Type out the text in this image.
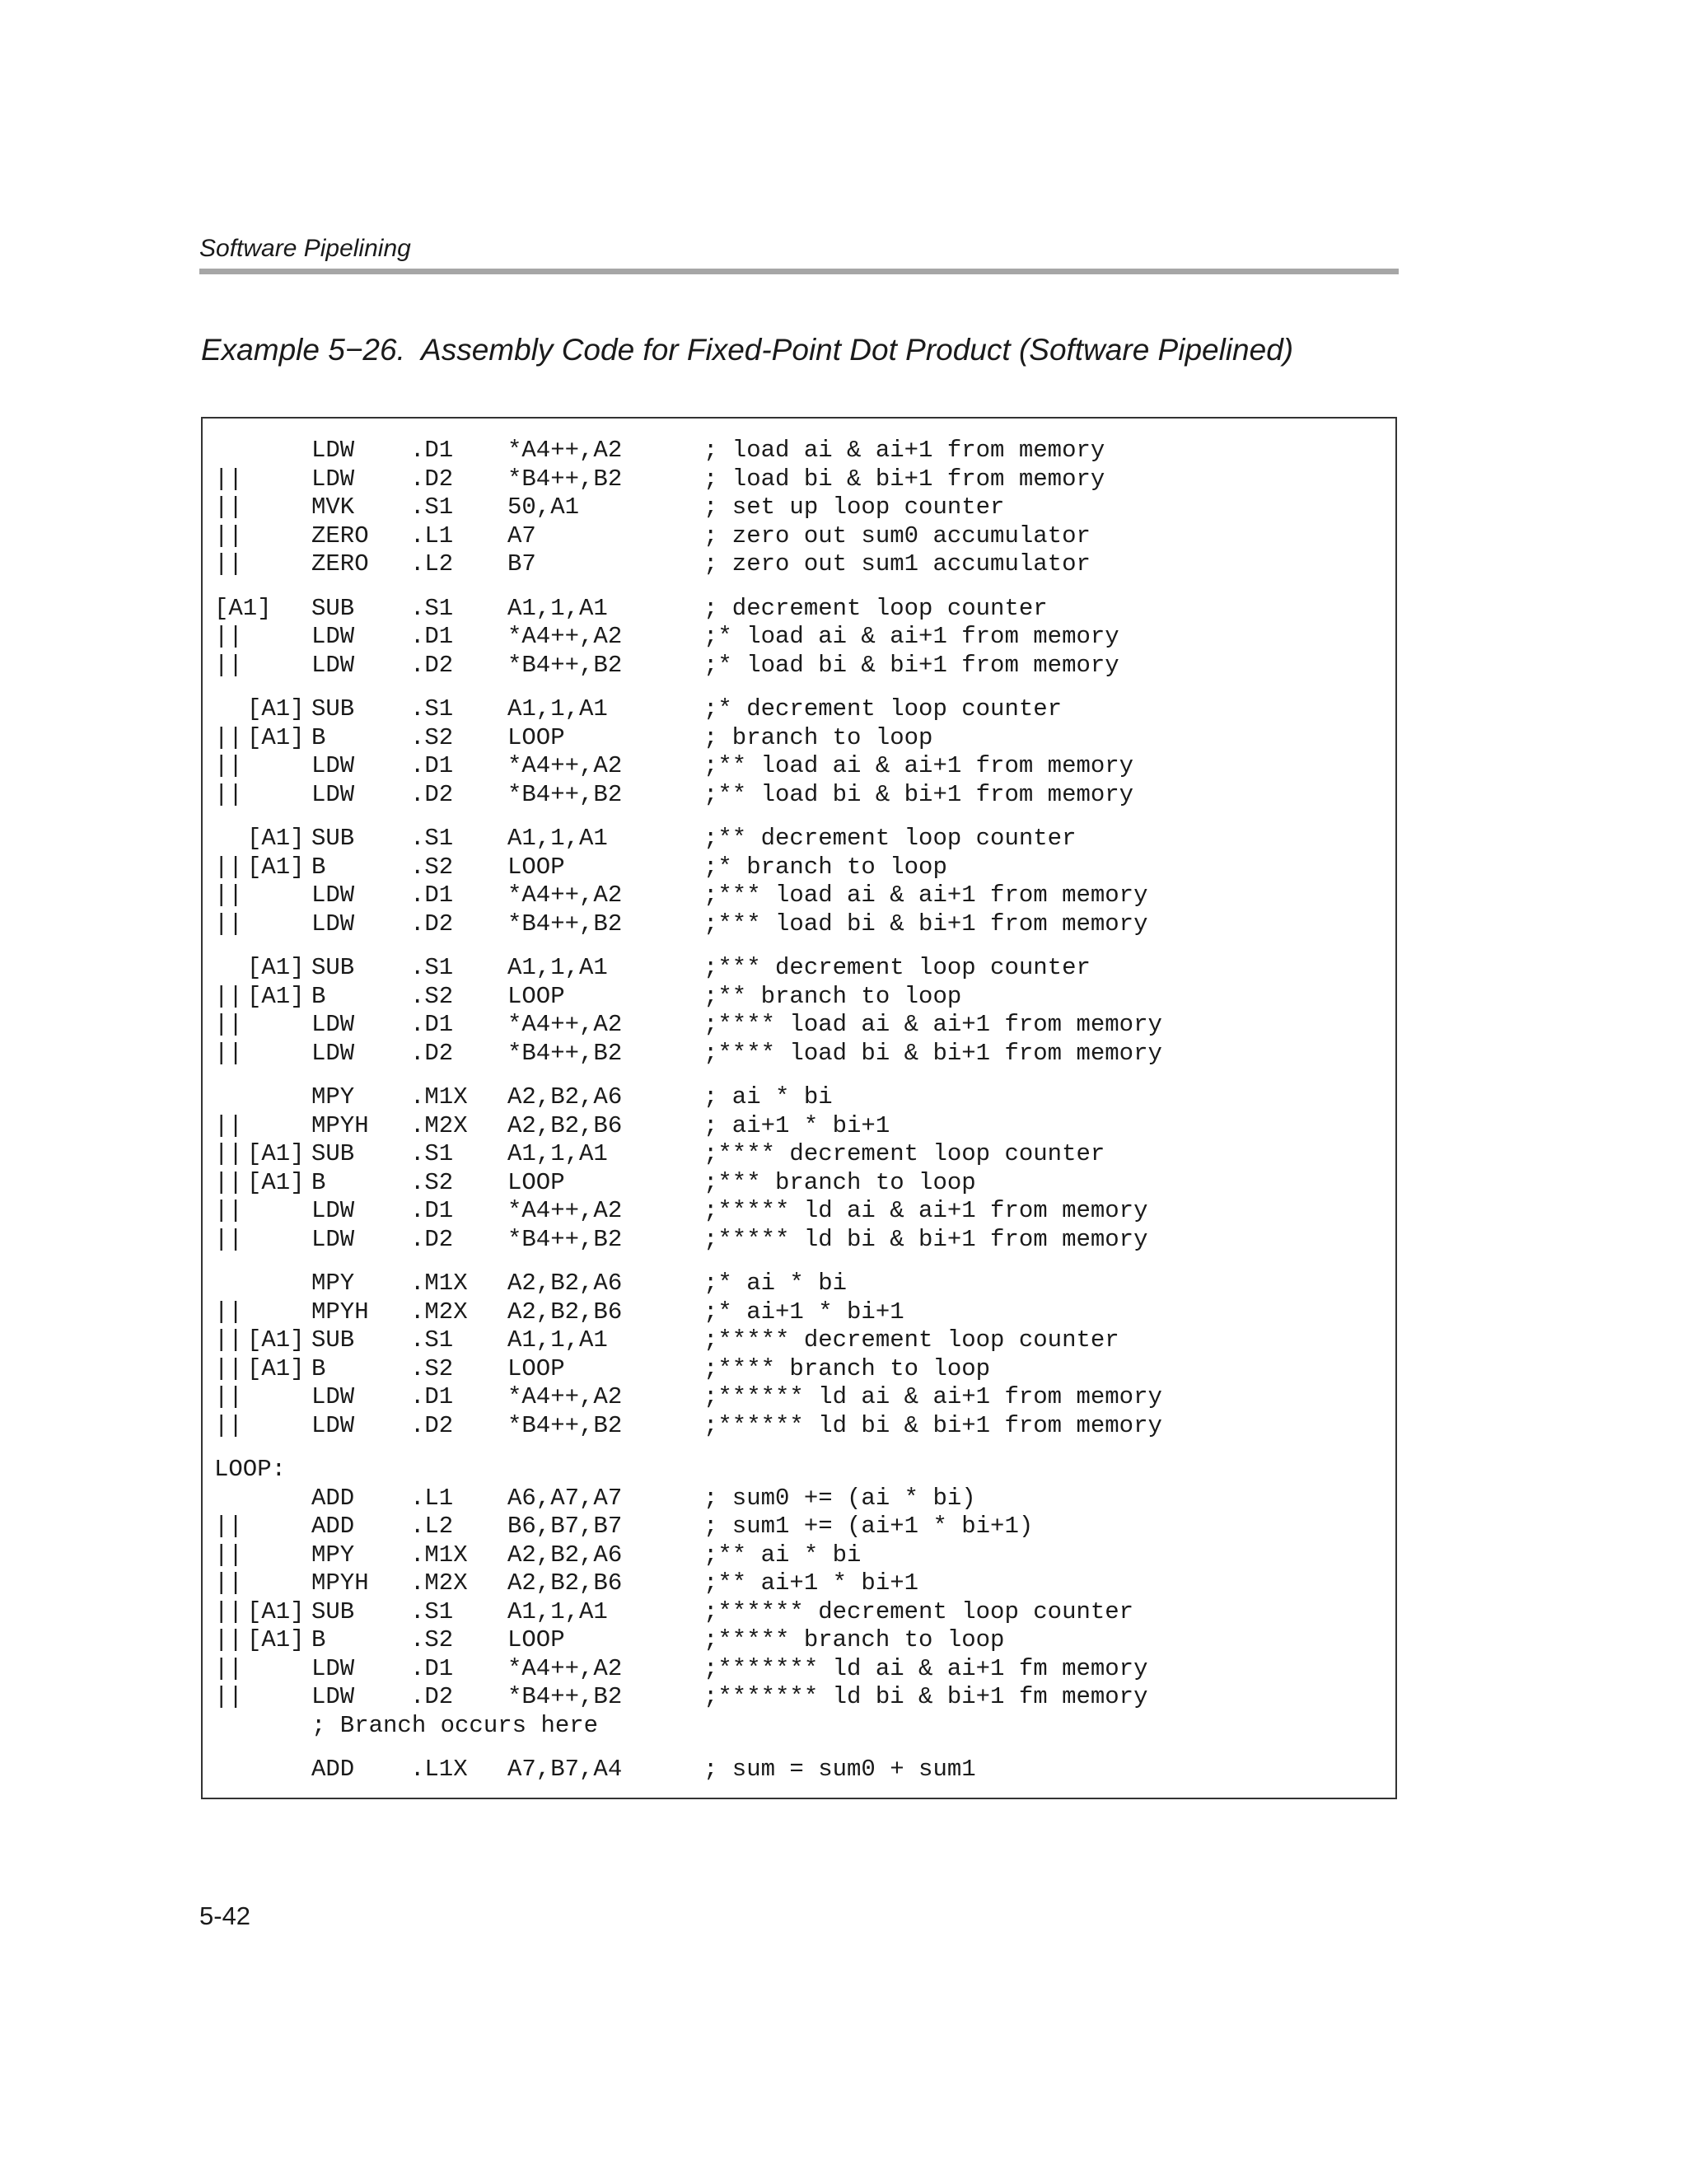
Software Pipelining
Example 5−26.  Assembly Code for Fixed-Point Dot Product (Software Pipelined)
LDW .D1 *A4++,A2	; load ai & ai+1 from memory
||	LDW .D2 *B4++,B2	; load bi & bi+1 from memory
||	MVK .S1 50,A1	; set up loop counter
||	ZERO .L1 A7	; zero out sum0 accumulator
||	ZERO .L2 B7	; zero out sum1 accumulator
[A1] SUB .S1 A1,1,A1	; decrement loop counter
||	LDW .D1 *A4++,A2	;* load ai & ai+1 from memory
||	LDW .D2 *B4++,B2	;* load bi & bi+1 from memory
[A1] SUB .S1 A1,1,A1	;* decrement loop counter
|| [A1] B	.S2 LOOP	; branch to loop
||	LDW .D1 *A4++,A2	;** load ai & ai+1 from memory
||	LDW .D2 *B4++,B2	;** load bi & bi+1 from memory
[A1] SUB .S1 A1,1,A1	;** decrement loop counter
|| [A1] B	.S2 LOOP	;* branch to loop
||	LDW .D1 *A4++,A2	;*** load ai & ai+1 from memory
||	LDW .D2 *B4++,B2	;*** load bi & bi+1 from memory
[A1] SUB .S1 A1,1,A1	;*** decrement loop counter
|| [A1] B	.S2 LOOP	;** branch to loop
||	LDW .D1 *A4++,A2	;**** load ai & ai+1 from memory
||	LDW .D2 *B4++,B2	;**** load bi & bi+1 from memory
MPY .M1X A2,B2,A6	; ai * bi
||	MPYH .M2X A2,B2,B6	; ai+1 * bi+1
|| [A1] SUB .S1 A1,1,A1	;**** decrement loop counter
|| [A1] B	.S2 LOOP	;*** branch to loop
||	LDW .D1 *A4++,A2	;***** ld ai & ai+1 from memory
||	LDW .D2 *B4++,B2	;***** ld bi & bi+1 from memory
MPY .M1X A2,B2,A6	;* ai * bi
||	MPYH .M2X A2,B2,B6	;* ai+1 * bi+1
|| [A1] SUB .S1 A1,1,A1	;***** decrement loop counter
|| [A1] B	.S2 LOOP	;**** branch to loop
||	LDW .D1 *A4++,A2	;****** ld ai & ai+1 from memory
||	LDW .D2 *B4++,B2	;****** ld bi & bi+1 from memory
LOOP:
ADD .L1 A6,A7,A7	; sum0 += (ai * bi)
||	ADD .L2 B6,B7,B7	; sum1 += (ai+1 * bi+1)
||	MPY .M1X A2,B2,A6	;** ai * bi
||	MPYH .M2X A2,B2,B6	;** ai+1 * bi+1
|| [A1] SUB .S1 A1,1,A1	;****** decrement loop counter
|| [A1] B	.S2 LOOP	;***** branch to loop
||	LDW .D1 *A4++,A2	;******* ld ai & ai+1 fm memory
||	LDW .D2 *B4++,B2	;******* ld bi & bi+1 fm memory
; Branch occurs here
ADD .L1X A7,B7,A4	; sum = sum0 + sum1
5-42
